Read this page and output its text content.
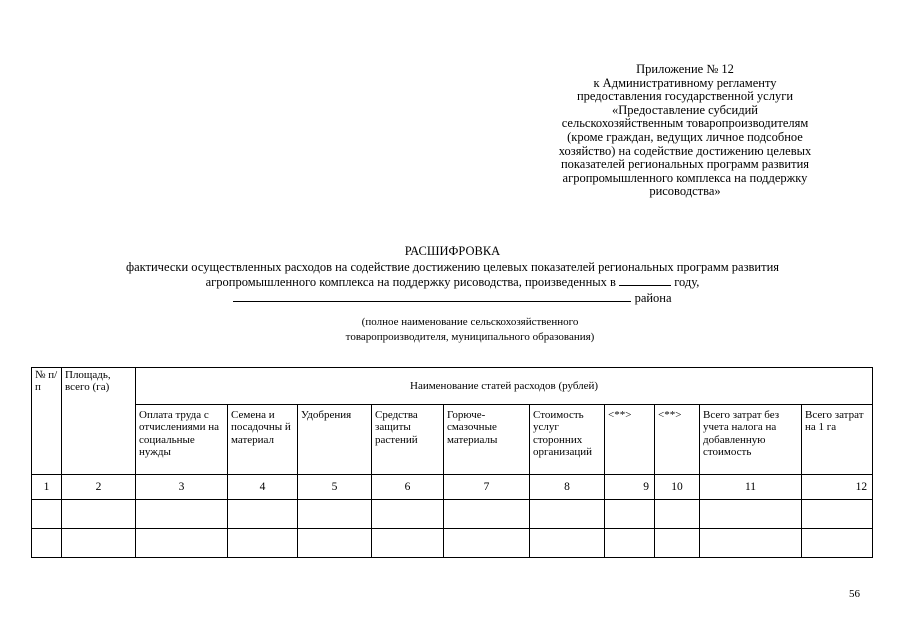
Приложение № 12
к Административному регламенту
предоставления государственной услуги
«Предоставление субсидий
сельскохозяйственным товаропроизводителям
(кроме граждан, ведущих личное подсобное
хозяйство) на содействие достижению целевых
показателей региональных программ развития
агропромышленного комплекса на поддержку
рисоводства»
РАСШИФРОВКА
фактически осуществленных расходов на содействие достижению целевых показателей региональных программ развития
агропромышленного комплекса на поддержку рисоводства, произведенных в	году,
района
(полное наименование сельскохозяйственного
товаропроизводителя, муниципального образования)
№ п/п	Площадь, всего (га)	Наименование статей расходов (рублей)									
		Оплата труда с отчислениями на социальные нужды	Семена и посадочны й материал	Удобрения	Средства защиты растений	Горюче-смазочные материалы	Стоимость услуг сторонних организаций	<**>	<**>	Всего затрат без учета налога на добавленную стоимость	Всего затрат на 1 га
1	2	3	4	5	6	7	8	9	10	11	12

56
